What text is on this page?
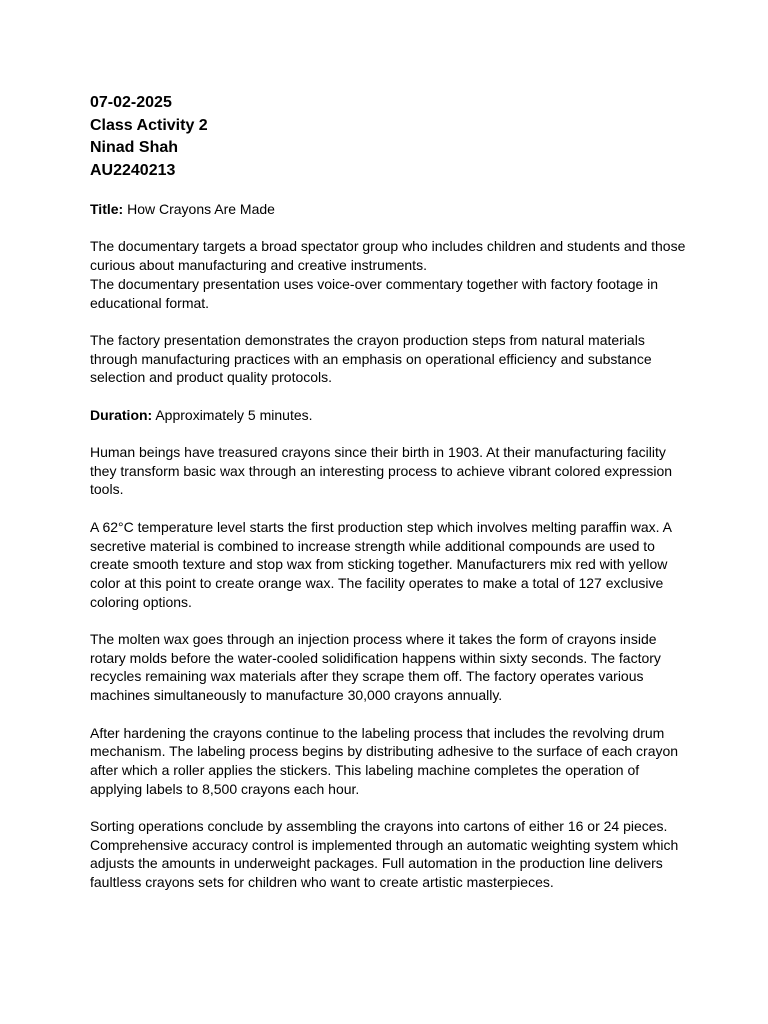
07-02-2025

Class Activity 2

Ninad Shah

AU2240213

Title: How Crayons Are Made

The documentary targets a broad spectator group who includes children and students and those

curious about manufacturing and creative instruments.

The documentary presentation uses voice-over commentary together with factory footage in

educational format.

The factory presentation demonstrates the crayon production steps from natural materials

through manufacturing practices with an emphasis on operational efficiency and substance

selection and product quality protocols.

Duration: Approximately 5 minutes.

Human beings have treasured crayons since their birth in 1903. At their manufacturing facility

they transform basic wax through an interesting process to achieve vibrant colored expression

tools.

A 62°C temperature level starts the first production step which involves melting paraffin wax. A

secretive material is combined to increase strength while additional compounds are used to

create smooth texture and stop wax from sticking together. Manufacturers mix red with yellow

color at this point to create orange wax. The facility operates to make a total of 127 exclusive

coloring options.

The molten wax goes through an injection process where it takes the form of crayons inside

rotary molds before the water-cooled solidification happens within sixty seconds. The factory

recycles remaining wax materials after they scrape them off. The factory operates various

machines simultaneously to manufacture 30,000 crayons annually.

After hardening the crayons continue to the labeling process that includes the revolving drum

mechanism. The labeling process begins by distributing adhesive to the surface of each crayon

after which a roller applies the stickers. This labeling machine completes the operation of

applying labels to 8,500 crayons each hour.

Sorting operations conclude by assembling the crayons into cartons of either 16 or 24 pieces.

Comprehensive accuracy control is implemented through an automatic weighting system which

adjusts the amounts in underweight packages. Full automation in the production line delivers

faultless crayons sets for children who want to create artistic masterpieces.
